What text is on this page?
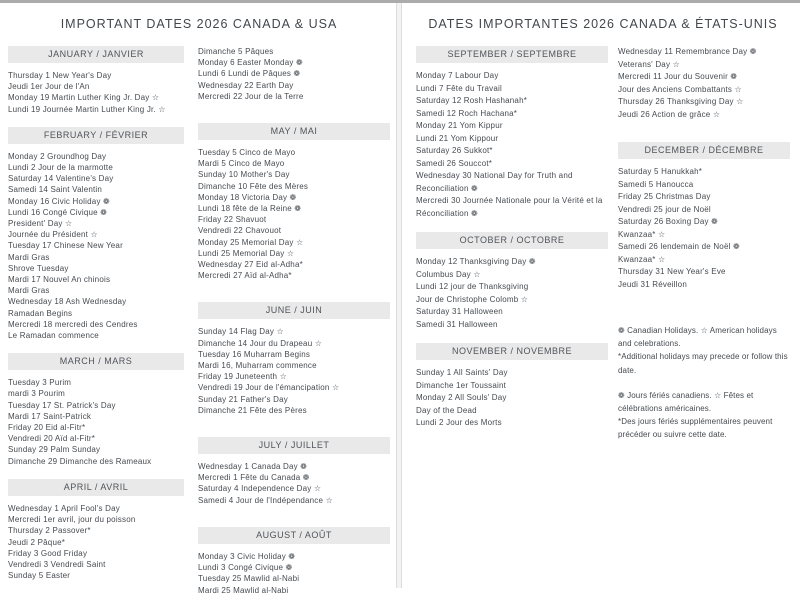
IMPORTANT DATES 2026 CANADA & USA
JANUARY / JANVIER
Thursday 1 New Year's Day
Jeudi 1er Jour de l'An
Monday 19 Martin Luther King Jr. Day ☆
Lundi 19 Journée Martin Luther King Jr. ☆
FEBRUARY / FÉVRIER
Monday 2 Groundhog Day
Lundi 2 Jour de la marmotte
Saturday 14 Valentine's Day
Samedi 14 Saint Valentin
Monday 16 Civic Holiday ❁
Lundi 16 Congé Civique ❁
President' Day ☆
Journée du Président ☆
Tuesday 17 Chinese New Year
Mardi Gras
Shrove Tuesday
Mardi 17 Nouvel An chinois
Mardi Gras
Wednesday 18 Ash Wednesday
Ramadan Begins
Mercredi 18 mercredi des Cendres
Le Ramadan commence
MARCH / MARS
Tuesday 3 Purim
mardi 3 Pourim
Tuesday 17 St. Patrick's Day
Mardi 17 Saint-Patrick
Friday 20 Eid al-Fitr*
Vendredi 20 Aïd al-Fitr*
Sunday 29 Palm Sunday
Dimanche 29 Dimanche des Rameaux
APRIL / AVRIL
Wednesday 1 April Fool's Day
Mercredi 1er avril, jour du poisson
Thursday 2 Passover*
Jeudi 2 Pâque*
Friday 3 Good Friday
Vendredi 3 Vendredi Saint
Sunday 5 Easter
Dimanche 5 Pâques
Monday 6 Easter Monday ❁
Lundi 6 Lundi de Pâques ❁
Wednesday 22 Earth Day
Mercredi 22 Jour de la Terre
MAY / MAI
Tuesday 5 Cinco de Mayo
Mardi 5 Cinco de Mayo
Sunday 10 Mother's Day
Dimanche 10 Fête des Mères
Monday 18 Victoria Day ❁
Lundi 18 fête de la Reine ❁
Friday 22 Shavuot
Vendredi 22 Chavouot
Monday 25 Memorial Day ☆
Lundi 25 Memorial Day ☆
Wednesday 27 Eid al-Adha*
Mercredi 27 Aïd al-Adha*
JUNE / JUIN
Sunday 14 Flag Day ☆
Dimanche 14 Jour du Drapeau ☆
Tuesday 16 Muharram Begins
Mardi 16, Muharram commence
Friday 19 Juneteenth ☆
Vendredi 19 Jour de l'émancipation ☆
Sunday 21 Father's Day
Dimanche 21 Fête des Pères
JULY / JUILLET
Wednesday 1 Canada Day ❁
Mercredi 1 Fête du Canada ❁
Saturday 4 Independence Day ☆
Samedi 4 Jour de l'Indépendance ☆
AUGUST / AOÛT
Monday 3 Civic Holiday ❁
Lundi 3 Congé Civique ❁
Tuesday 25 Mawlid al-Nabi
Mardi 25 Mawlid al-Nabi
DATES IMPORTANTES 2026 CANADA & ÉTATS-UNIS
SEPTEMBER / SEPTEMBRE
Monday 7 Labour Day
Lundi 7 Fête du Travail
Saturday 12 Rosh Hashanah*
Samedi 12 Roch Hachana*
Monday 21 Yom Kippur
Lundi 21 Yom Kippour
Saturday 26 Sukkot*
Samedi 26 Souccot*
Wednesday 30 National Day for Truth and Reconciliation ❁
Mercredi 30 Journée Nationale pour la Vérité et la Réconciliation ❁
OCTOBER / OCTOBRE
Monday 12 Thanksgiving Day ❁
Columbus Day ☆
Lundi 12 jour de Thanksgiving
Jour de Christophe Colomb ☆
Saturday 31 Halloween
Samedi 31 Halloween
NOVEMBER / NOVEMBRE
Sunday 1 All Saints' Day
Dimanche 1er Toussaint
Monday 2 All Souls' Day
Day of the Dead
Lundi 2 Jour des Morts
Wednesday 11 Remembrance Day ❁
Veterans' Day ☆
Mercredi 11 Jour du Souvenir ❁
Jour des Anciens Combattants ☆
Thursday 26 Thanksgiving Day ☆
Jeudi 26 Action de grâce ☆
DECEMBER / DÉCEMBRE
Saturday 5 Hanukkah*
Samedi 5 Hanoucca
Friday 25 Christmas Day
Vendredi 25 jour de Noël
Saturday 26 Boxing Day ❁
Kwanzaa* ☆
Samedi 26 lendemain de Noël ❁
Kwanzaa* ☆
Thursday 31 New Year's Eve
Jeudi 31 Réveillon
❁ Canadian Holidays. ☆ American holidays and celebrations.
*Additional holidays may precede or follow this date.
❁ Jours fériés canadiens. ☆ Fêtes et célébrations américaines.
*Des jours fériés supplémentaires peuvent précéder ou suivre cette date.
